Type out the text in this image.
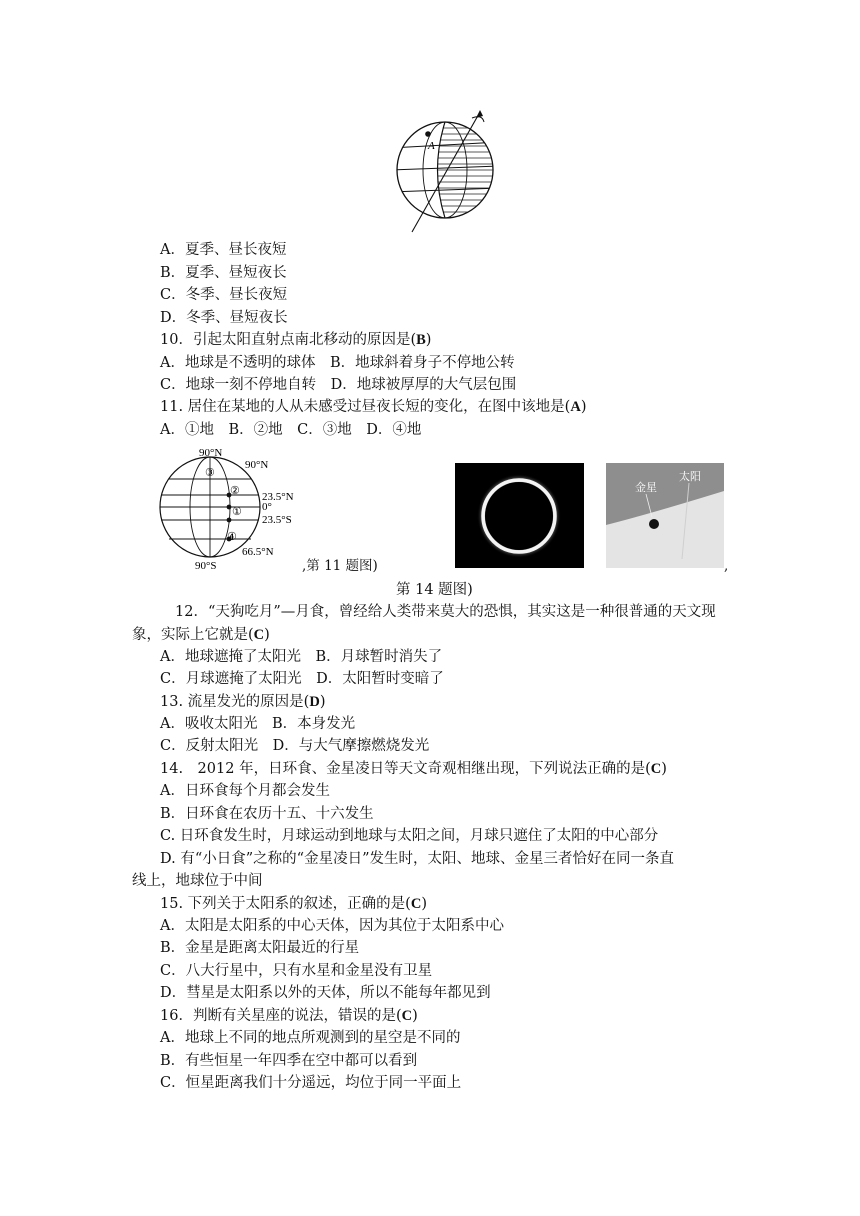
A
A．夏季、昼长夜短
B．夏季、昼短夜长
C．冬季、昼长夜短
D．冬季、昼短夜长
10．引起太阳直射点南北移动的原因是(B)
A．地球是不透明的球体　B．地球斜着身子不停地公转
C．地球一刻不停地自转　D．地球被厚厚的大气层包围
11. 居住在某地的人从未感受过昼夜长短的变化，在图中该地是(A)
A．①地　B．②地　C．③地　D．④地
90°N
③
90°N
②
①
23.5°N
0°
23.5°S
④
66.5°N
90°S	,第 11 题图)
金星
太阳
,
第 14 题图)
12．“天狗吃月”—月食，曾经给人类带来莫大的恐惧，其实这是一种很普通的天文现
象，实际上它就是(C)
A．地球遮掩了太阳光　B．月球暂时消失了
C．月球遮掩了太阳光　D．太阳暂时变暗了
13. 流星发光的原因是(D)
A．吸收太阳光　B．本身发光
C．反射太阳光　D．与大气摩擦燃烧发光
14.　2012 年，日环食、金星凌日等天文奇观相继出现，下列说法正确的是(C)
A．日环食每个月都会发生
B．日环食在农历十五、十六发生
C. 日环食发生时，月球运动到地球与太阳之间，月球只遮住了太阳的中心部分
D. 有“小日食”之称的“金星凌日”发生时，太阳、地球、金星三者恰好在同一条直
线上，地球位于中间
15. 下列关于太阳系的叙述，正确的是(C)
A．太阳是太阳系的中心天体，因为其位于太阳系中心
B．金星是距离太阳最近的行星
C．八大行星中，只有水星和金星没有卫星
D．彗星是太阳系以外的天体，所以不能每年都见到
16．判断有关星座的说法，错误的是(C)
A．地球上不同的地点所观测到的星空是不同的
B．有些恒星一年四季在空中都可以看到
C．恒星距离我们十分遥远，均位于同一平面上
